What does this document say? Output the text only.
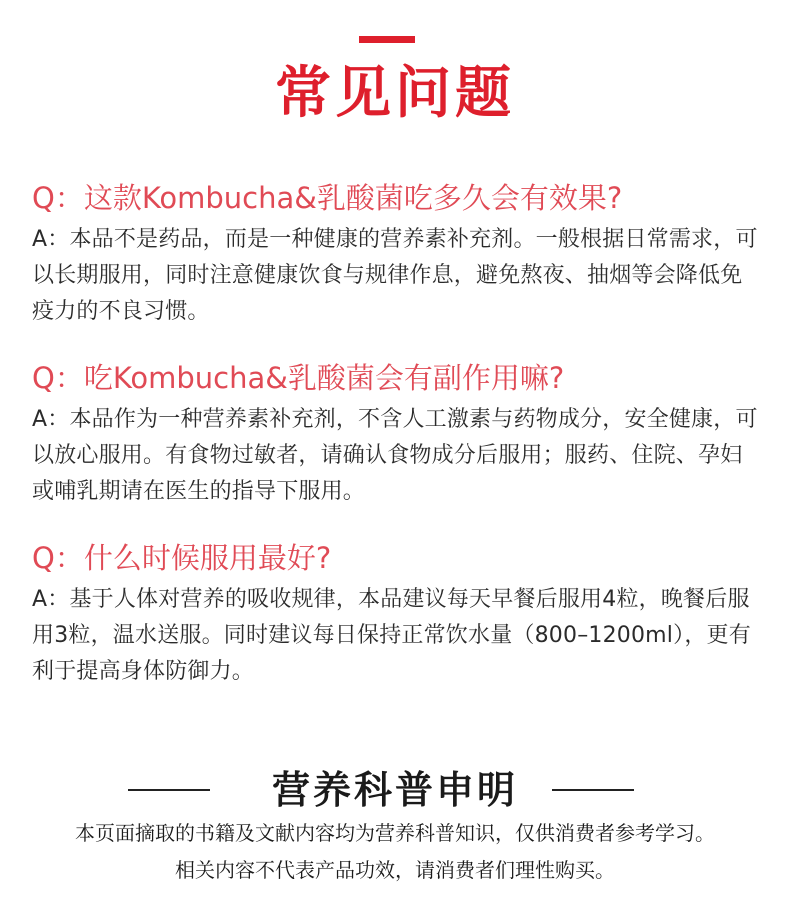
常见问题
Q：这款Kombucha&乳酸菌吃多久会有效果?
A：本品不是药品，而是一种健康的营养素补充剂。一般根据日常需求，可以长期服用，同时注意健康饮食与规律作息，避免熬夜、抽烟等会降低免疫力的不良习惯。
Q：吃Kombucha&乳酸菌会有副作用嘛?
A：本品作为一种营养素补充剂，不含人工激素与药物成分，安全健康，可以放心服用。有食物过敏者，请确认食物成分后服用；服药、住院、孕妇或哺乳期请在医生的指导下服用。
Q：什么时候服用最好?
A：基于人体对营养的吸收规律，本品建议每天早餐后服用4粒，晚餐后服用3粒，温水送服。同时建议每日保持正常饮水量（800–1200ml），更有利于提高身体防御力。
营养科普申明
本页面摘取的书籍及文献内容均为营养科普知识，仅供消费者参考学习。
相关内容不代表产品功效，请消费者们理性购买。
